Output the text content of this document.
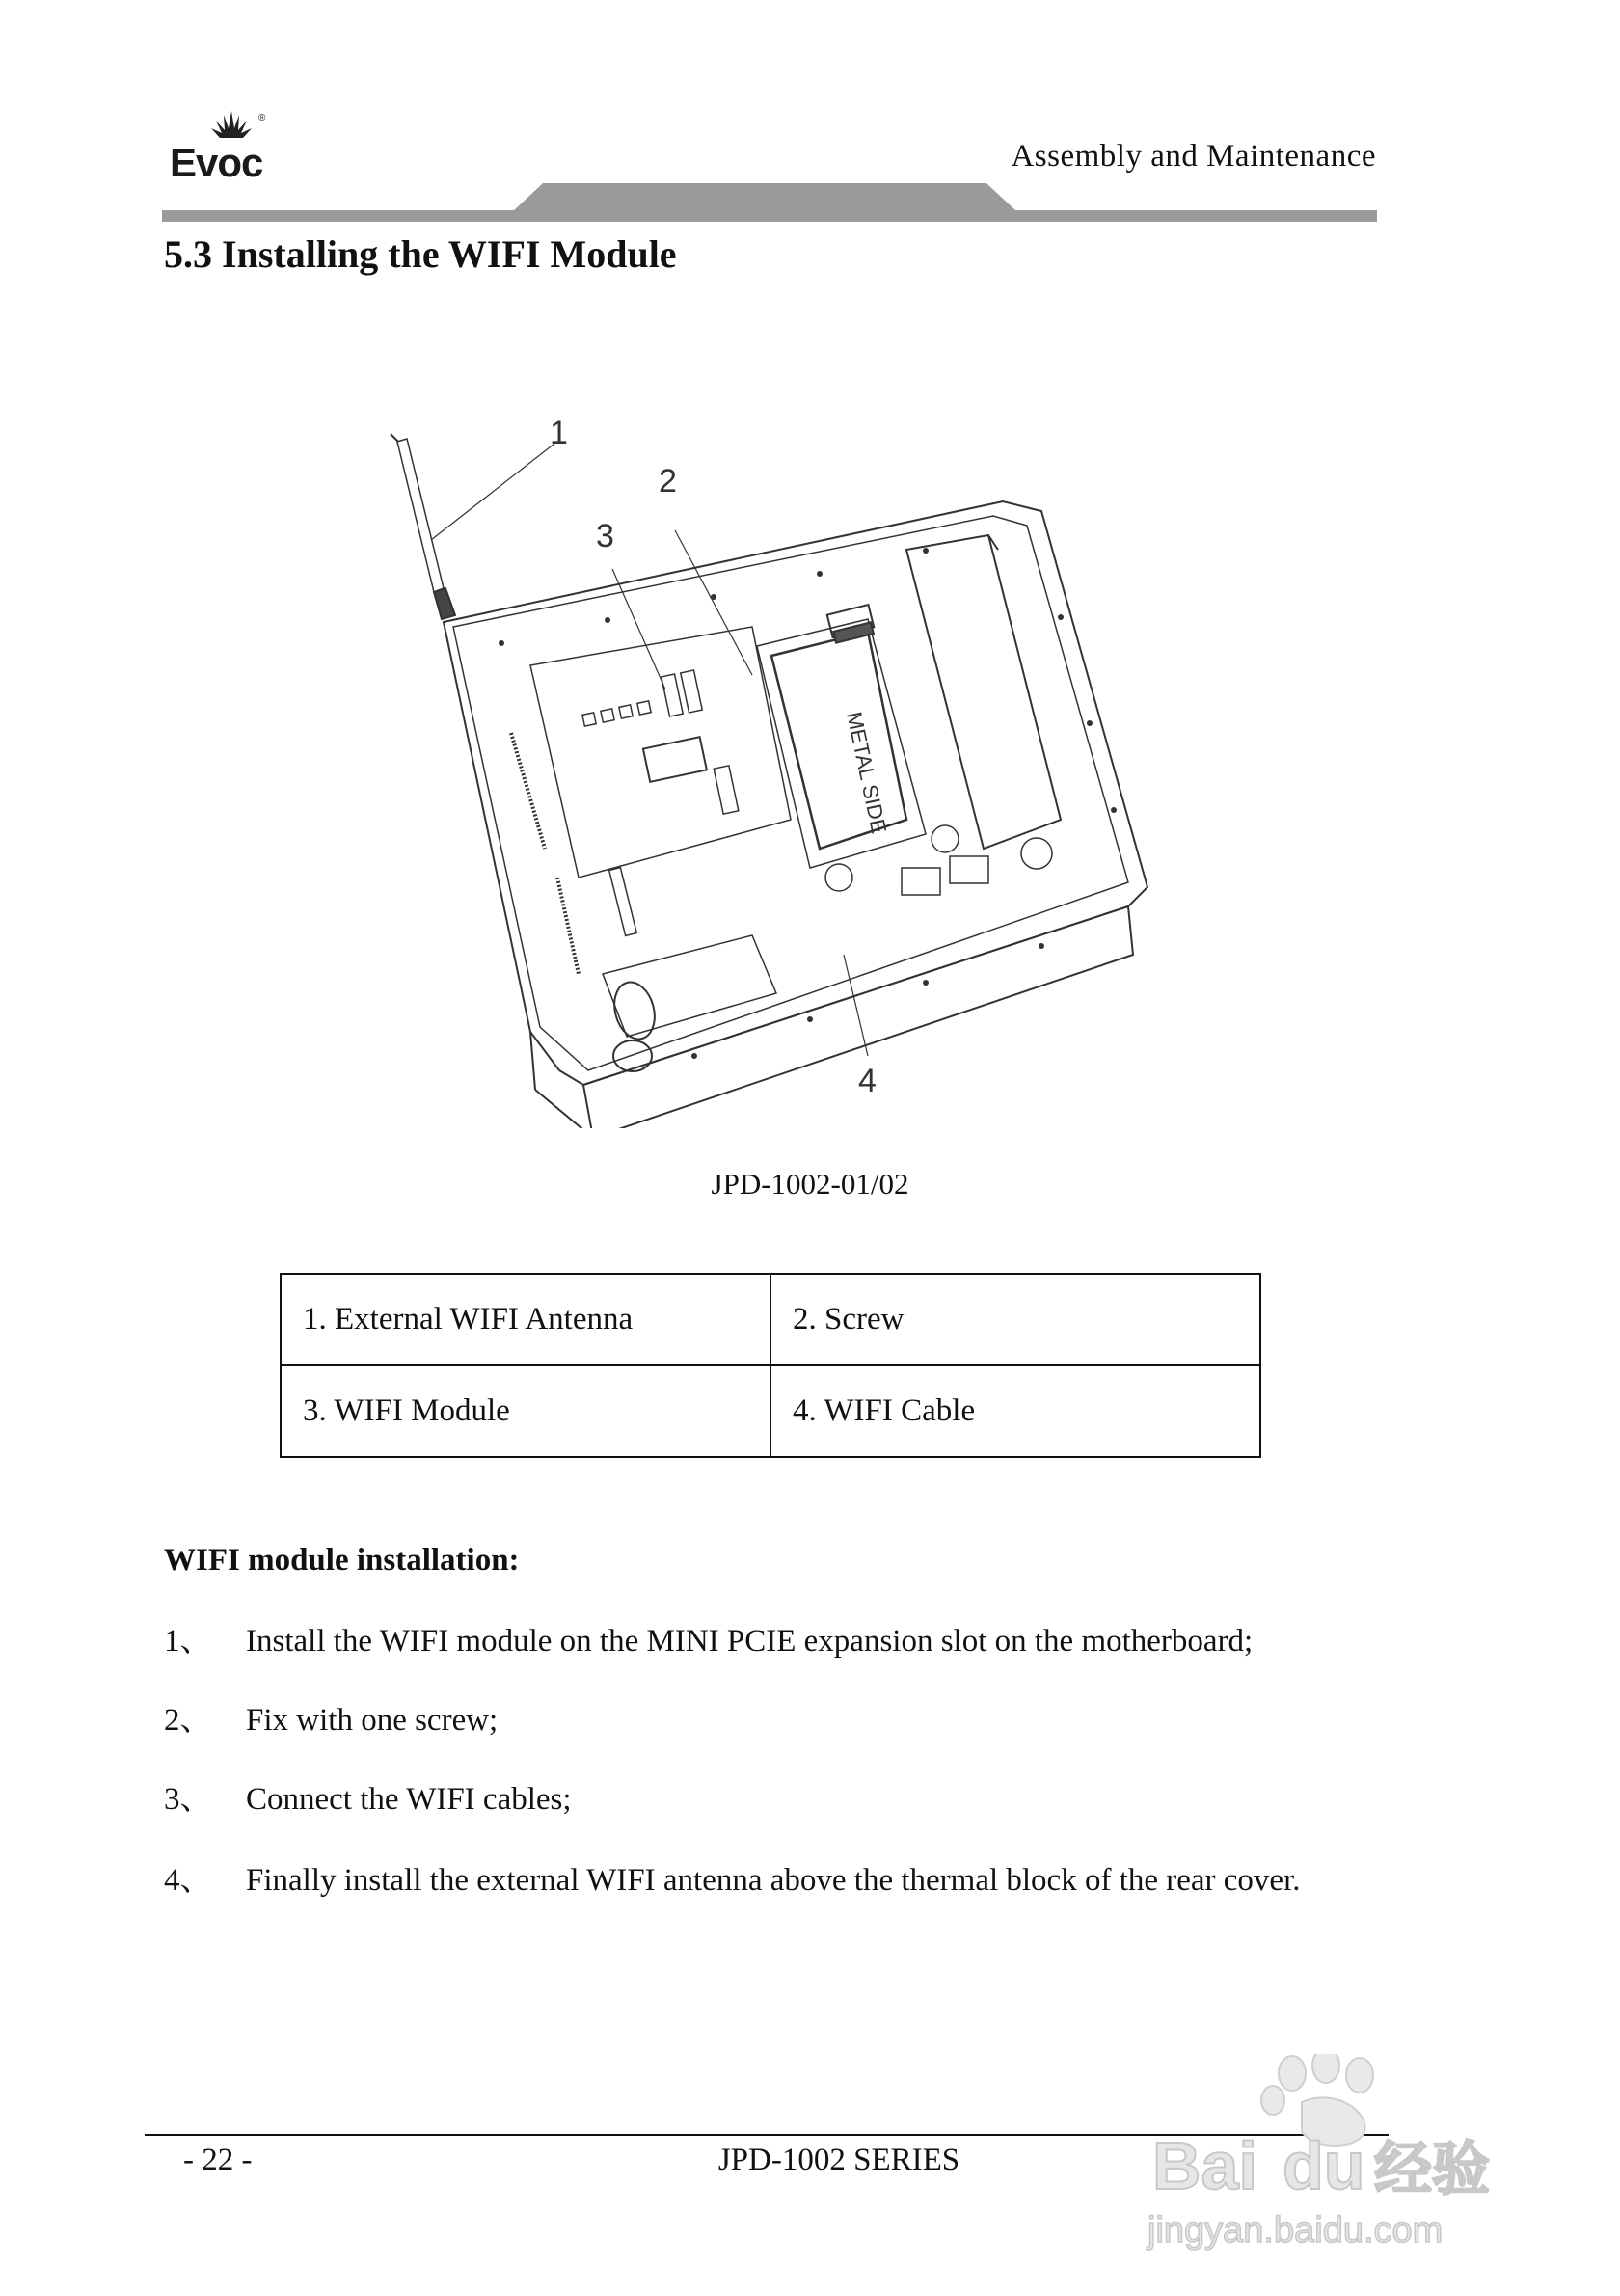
®
Evoc	Assembly and Maintenance
5.3 Installing the WIFI Module
METAL SIDE
1
2
3
4
JPD-1002-01/02
1. External WIFI Antenna	2. Screw
3. WIFI Module	4. WIFI Cable
WIFI module installation:
1、	Install the WIFI module on the MINI PCIE expansion slot on the motherboard;
2、	Fix with one screw;
3、	Connect the WIFI cables;
4、	Finally install the external WIFI antenna above the thermal block of the rear cover.
- 22 -	JPD-1002 SERIES	Bai du 经验
jingyan.baidu.com
